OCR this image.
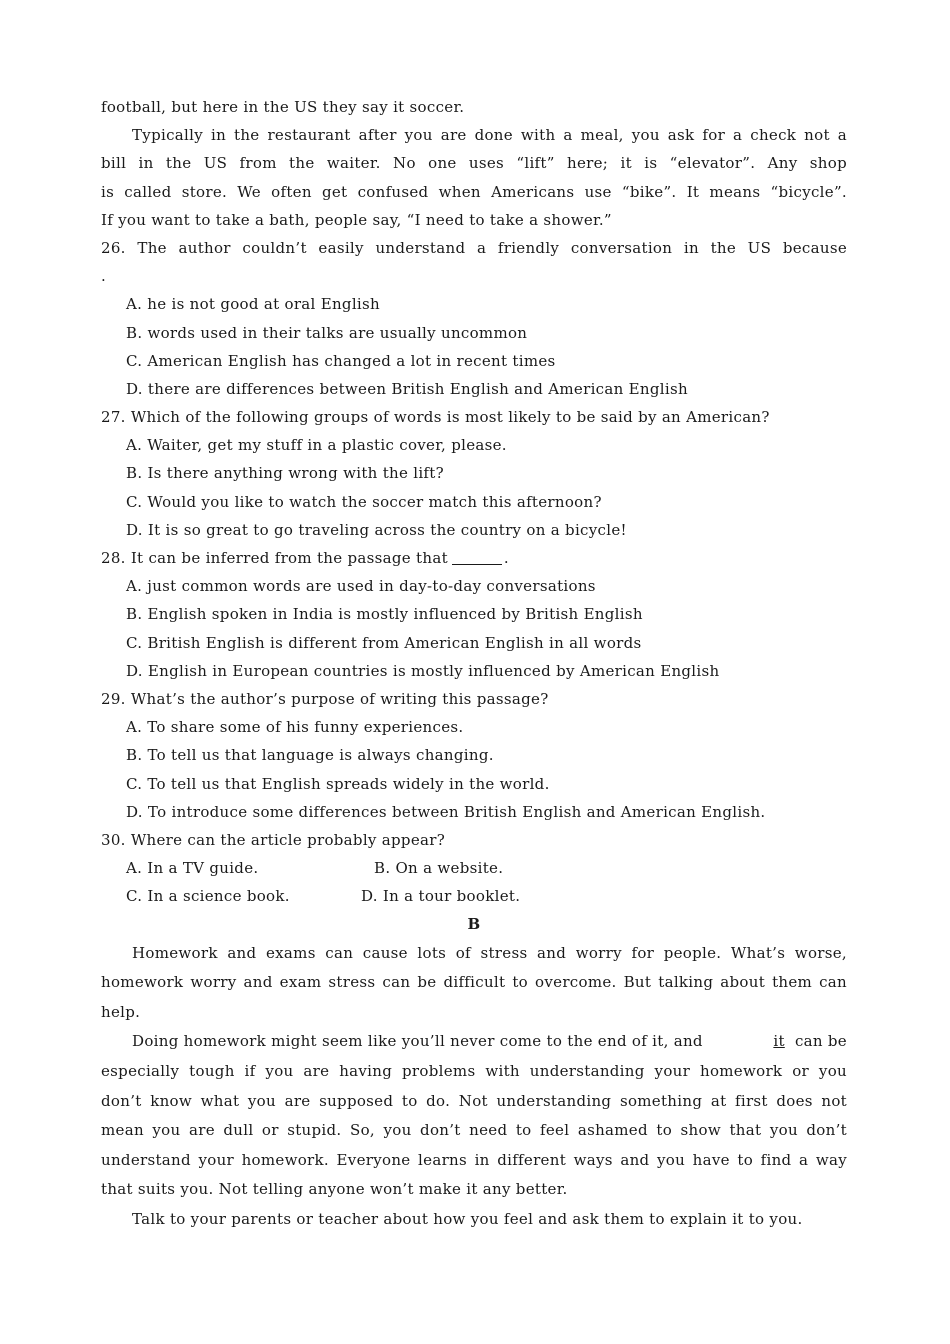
football, but here in the US they say it soccer.
Typically in the restaurant after you are done with a meal, you ask for a check not a
bill in the US from the waiter. No one uses “lift” here; it is “elevator”. Any shop
is called store. We often get confused when Americans use “bike”. It means “bicycle”.
If you want to take a bath, people say, “I need to take a shower.”
26. The author couldn’t easily understand a friendly conversation in the US because
.
A. he is not good at oral English
B. words used in their talks are usually uncommon
C. American English has changed a lot in recent times
D. there are differences between British English and American English
27. Which of the following groups of words is most likely to be said by an American?
A. Waiter, get my stuff in a plastic cover, please.
B. Is there anything wrong with the lift?
C. Would you like to watch the soccer match this afternoon?
D. It is so great to go traveling across the country on a bicycle!
28. It can be inferred from the passage that	.
A. just common words are used in day-to-day conversations
B. English spoken in India is mostly influenced by British English
C. British English is different from American English in all words
D. English in European countries is mostly influenced by American English
29. What’s the author’s purpose of writing this passage?
A. To share some of his funny experiences.
B. To tell us that language is always changing.
C. To tell us that English spreads widely in the world.
D. To introduce some differences between British English and American English.
30. Where can the article probably appear?
A. In a TV guide.	B. On a website.
C. In a science book.	D. In a tour booklet.
B
Homework and exams can cause lots of stress and worry for people. What’s worse,
homework worry and exam stress can be difficult to overcome. But talking about them can
help.
Doing homework might seem like you’ll never come to the end of it, and	it can be
especially tough if you are having problems with understanding your homework or you
don’t know what you are supposed to do. Not understanding something at first does not
mean you are dull or stupid. So, you don’t need to feel ashamed to show that you don’t
understand your homework. Everyone learns in different ways and you have to find a way
that suits you. Not telling anyone won’t make it any better.
Talk to your parents or teacher about how you feel and ask them to explain it to you.
